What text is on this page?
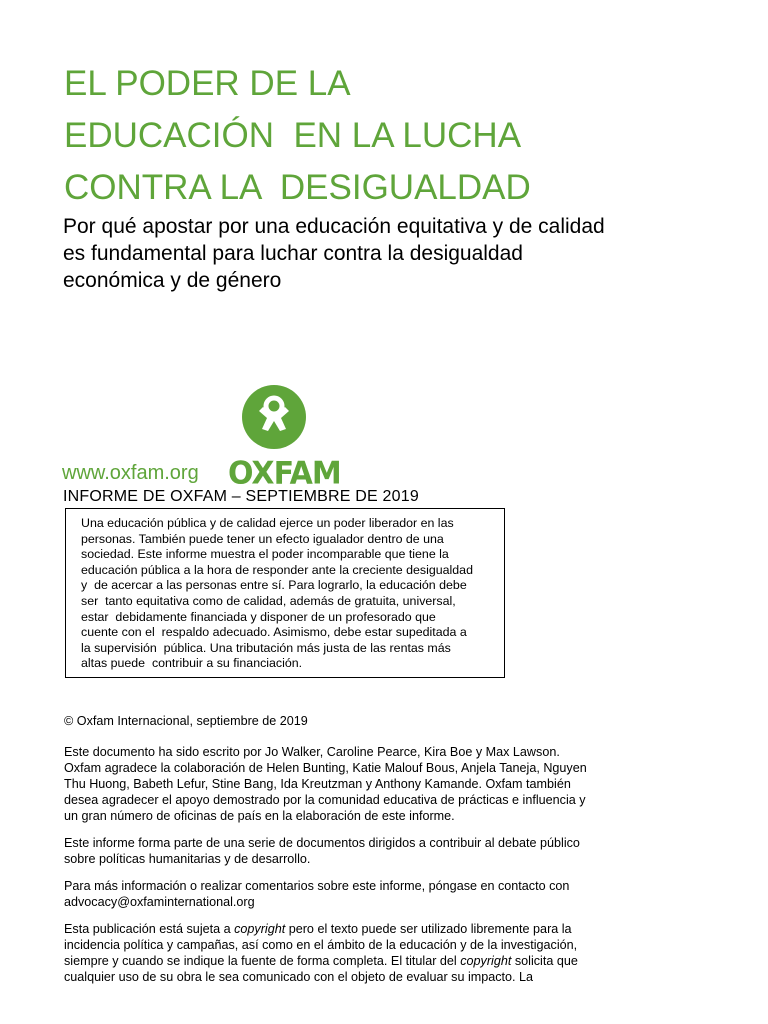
EL PODER DE LA
EDUCACIÓN  EN LA LUCHA
CONTRA LA  DESIGUALDAD
Por qué apostar por una educación equitativa y de calidad
es fundamental para luchar contra la desigualdad
económica y de género
www.oxfam.org OXFAM
INFORME DE OXFAM – SEPTIEMBRE DE 2019
Una educación pública y de calidad ejerce un poder liberador en las
personas. También puede tener un efecto igualador dentro de una
sociedad. Este informe muestra el poder incomparable que tiene la
educación pública a la hora de responder ante la creciente desigualdad
y  de acercar a las personas entre sí. Para lograrlo, la educación debe
ser  tanto equitativa como de calidad, además de gratuita, universal,
estar  debidamente financiada y disponer de un profesorado que
cuente con el  respaldo adecuado. Asimismo, debe estar supeditada a
la supervisión  pública. Una tributación más justa de las rentas más
altas puede  contribuir a su financiación.

© Oxfam Internacional, septiembre de 2019

Este documento ha sido escrito por Jo Walker, Caroline Pearce, Kira Boe y Max Lawson.
Oxfam agradece la colaboración de Helen Bunting, Katie Malouf Bous, Anjela Taneja, Nguyen
Thu Huong, Babeth Lefur, Stine Bang, Ida Kreutzman y Anthony Kamande. Oxfam también
desea agradecer el apoyo demostrado por la comunidad educativa de prácticas e influencia y
un gran número de oficinas de país en la elaboración de este informe.

Este informe forma parte de una serie de documentos dirigidos a contribuir al debate público
sobre políticas humanitarias y de desarrollo.

Para más información o realizar comentarios sobre este informe, póngase en contacto con
advocacy@oxfaminternational.org

Esta publicación está sujeta a copyright pero el texto puede ser utilizado libremente para la
incidencia política y campañas, así como en el ámbito de la educación y de la investigación,
siempre y cuando se indique la fuente de forma completa. El titular del copyright solicita que
cualquier uso de su obra le sea comunicado con el objeto de evaluar su impacto. La
